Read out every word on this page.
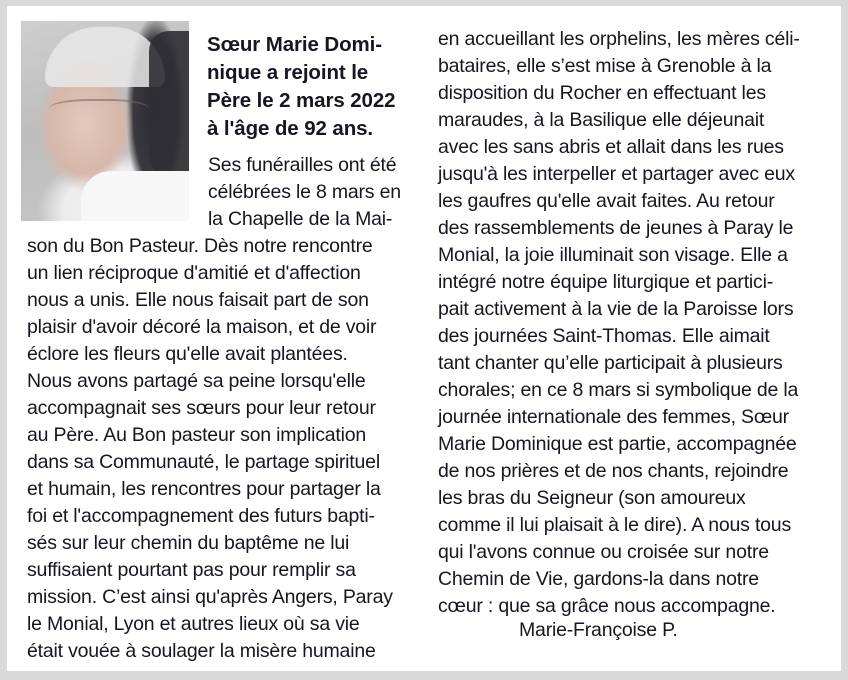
Sœur Marie Domi-
nique a rejoint le
Père le 2 mars 2022
à l'âge de 92 ans.
Ses funérailles ont été
célébrées le 8 mars en
la Chapelle de la Mai-
son du Bon Pasteur. Dès notre rencontre
un lien réciproque d'amitié et d'affection
nous a unis. Elle nous faisait part de son
plaisir d'avoir décoré la maison, et de voir
éclore les fleurs qu'elle avait plantées.
Nous avons partagé sa peine lorsqu'elle
accompagnait ses sœurs pour leur retour
au Père. Au Bon pasteur son implication
dans sa Communauté, le partage spirituel
et humain, les rencontres pour partager la
foi et l'accompagnement des futurs bapti-
sés sur leur chemin du baptême ne lui
suffisaient pourtant pas pour remplir sa
mission. C’est ainsi qu'après Angers, Paray
le Monial, Lyon et autres lieux où sa vie
était vouée à soulager la misère humaine
en accueillant les orphelins, les mères céli-
bataires, elle s’est mise à Grenoble à la
disposition du Rocher en effectuant les
maraudes, à la Basilique elle déjeunait
avec les sans abris et allait dans les rues
jusqu'à les interpeller et partager avec eux
les gaufres qu'elle avait faites. Au retour
des rassemblements de jeunes à Paray le
Monial, la joie illuminait son visage. Elle a
intégré notre équipe liturgique et partici-
pait activement à la vie de la Paroisse lors
des journées Saint-Thomas. Elle aimait
tant chanter qu’elle participait à plusieurs
chorales; en ce 8 mars si symbolique de la
journée internationale des femmes, Sœur
Marie Dominique est partie, accompagnée
de nos prières et de nos chants, rejoindre
les bras du Seigneur (son amoureux
comme il lui plaisait à le dire). A nous tous
qui l'avons connue ou croisée sur notre
Chemin de Vie, gardons-la dans notre
cœur : que sa grâce nous accompagne.
Marie-Françoise P.
